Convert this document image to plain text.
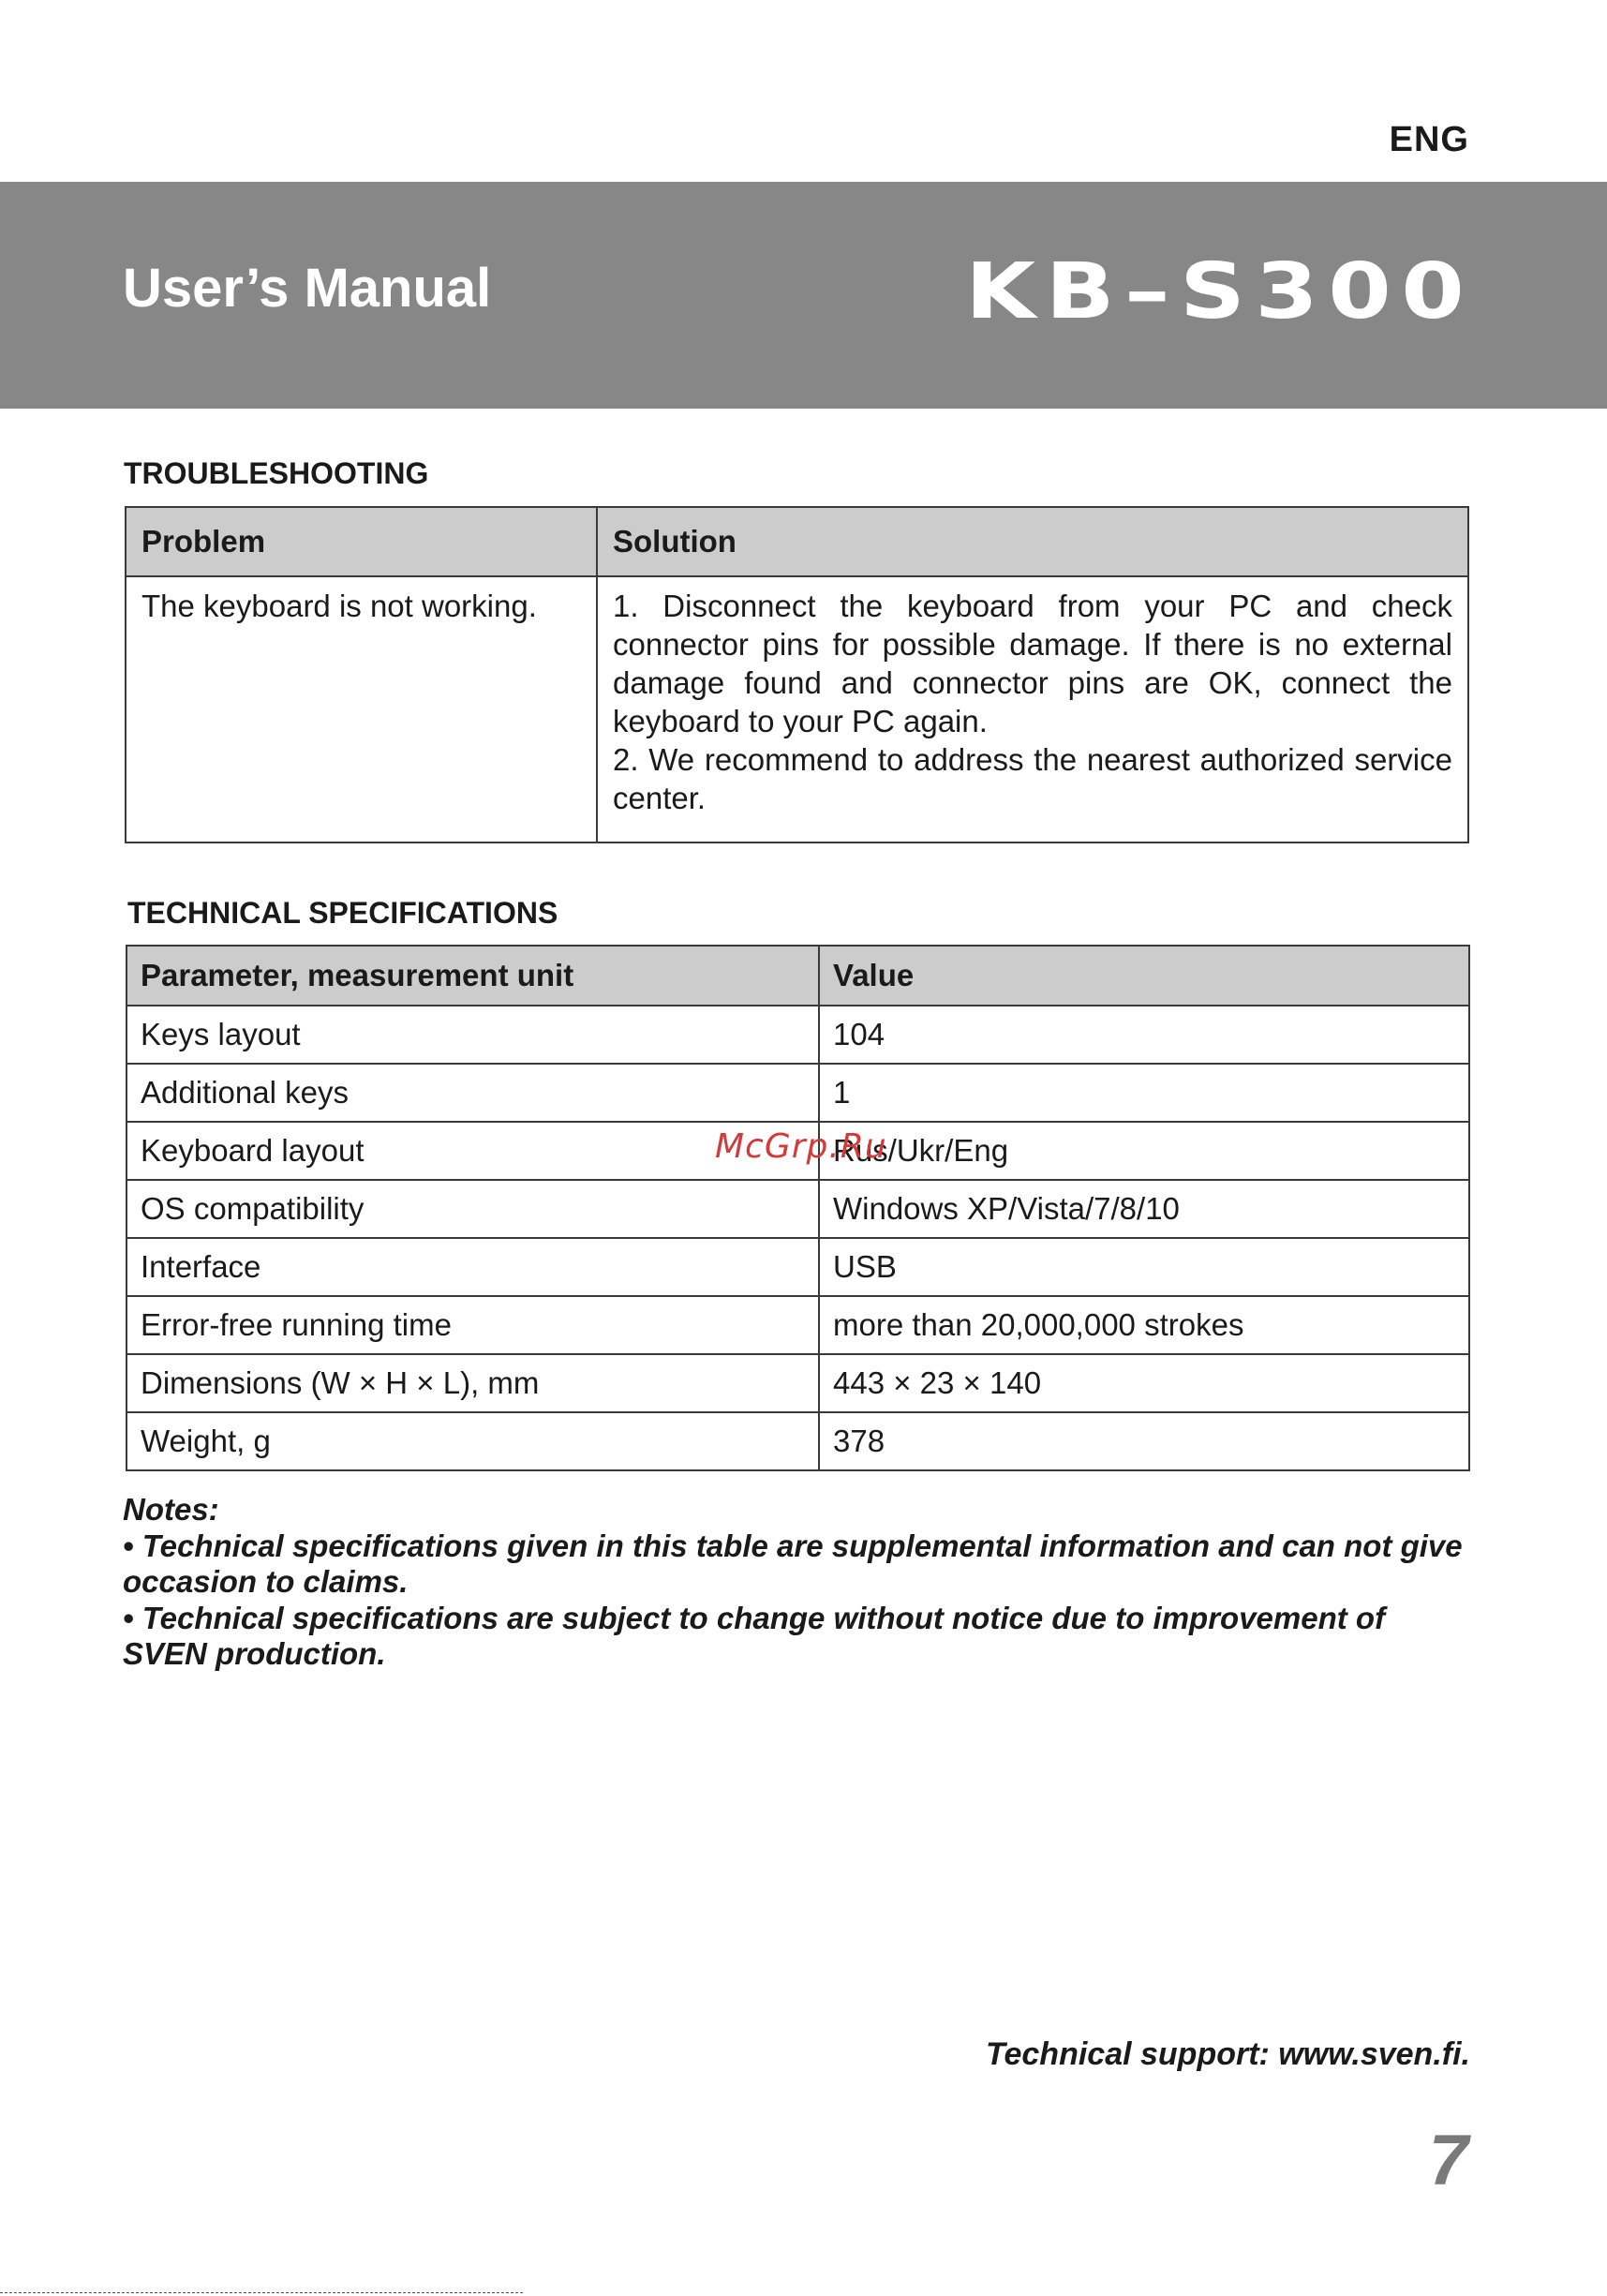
ENG
User’s Manual	KB–S300
TROUBLESHOOTING
Problem	Solution
The keyboard is not working.	1. Disconnect the keyboard from your PC and check connector pins for possible damage. If there is no external damage found and connector pins are OK, connect the keyboard to your PC again.
2. We recommend to address the nearest authorized service center.
TECHNICAL SPECIFICATIONS
Parameter, measurement unit	Value
Keys layout	104
Additional keys	1
Keyboard layout	Rus/Ukr/Eng
OS compatibility	Windows XP/Vista/7/8/10
Interface	USB
Error-free running time	more than 20,000,000 strokes
Dimensions (W × H × L), mm	443 × 23 × 140
Weight, g	378
McGrp.Ru

Notes:

• Technical specifications given in this table are supplemental information and can not give occasion to claims.

• Technical specifications are subject to change without notice due to improvement of SVEN production.

Technical support: www.sven.fi.
7
